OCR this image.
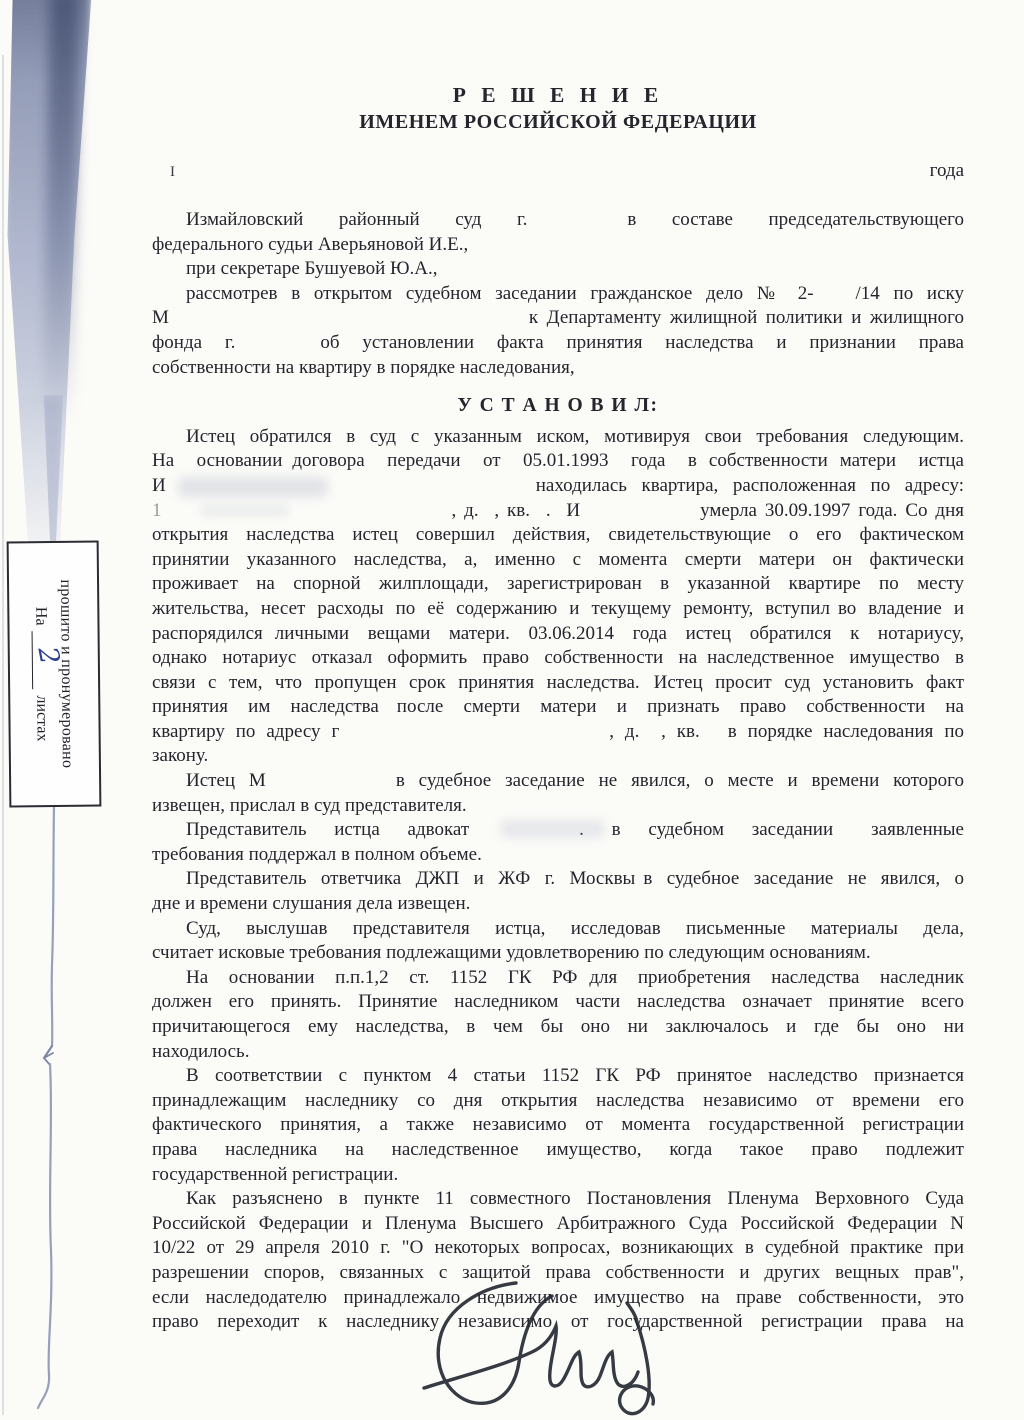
прошито и пронумеровано
На
2
листах
Р Е Ш Е Н И Е
ИМЕНЕМ РОССИЙСКОЙ ФЕДЕРАЦИИ
I	года
Измайловский районный суд г.	в составе председательствующего
федерального судьи Аверьяновой И.Е.,
при секретаре Бушуевой Ю.А.,
рассмотрев в открытом судебном заседании гражданское дело № 2- /14 по иску
М	к Департаменту жилищной политики и жилищного
фонда г.	об установлении факта принятия наследства и признании права
собственности на квартиру в порядке наследования,
У С Т А Н О В И Л:
Истец обратился в суд с указанным иском, мотивируя свои требования следующим.
На основании договора передачи от 05.01.1993 года в собственности матери истца
И	находилась квартира, расположенная по адресу:
1	, д.  , кв.  .  И	умерла 30.09.1997 года. Со дня
открытия наследства истец совершил действия, свидетельствующие о его фактическом
принятии указанного наследства, а, именно с момента смерти матери он фактически
проживает на спорной жилплощади, зарегистрирован в указанной квартире по месту
жительства, несет расходы по её содержанию и текущему ремонту, вступил во владение и
распорядился личными вещами матери. 03.06.2014 года истец обратился к нотариусу,
однако нотариус отказал оформить право собственности на наследственное имущество в
связи с тем, что пропущен срок принятия наследства. Истец просит суд установить факт
принятия им наследства после смерти матери и признать право собственности на
квартиру по адресу г	, д.  , кв. в порядке наследования по
закону.
Истец М	в судебное заседание не явился, о месте и времени которого
извещен, прислал в суд представителя.
Представитель истца адвокат	. в судебном заседании заявленные
требования поддержал в полном объеме.
Представитель ответчика ДЖП и ЖФ г. Москвы в судебное заседание не явился, о
дне и времени слушания дела извещен.
Суд, выслушав представителя истца, исследовав письменные материалы дела,
считает исковые требования подлежащими удовлетворению по следующим основаниям.
На основании п.п.1,2 ст. 1152 ГК РФ для приобретения наследства наследник
должен его принять. Принятие наследником части наследства означает принятие всего
причитающегося ему наследства, в чем бы оно ни заключалось и где бы оно ни
находилось.
В соответствии с пунктом 4 статьи 1152 ГК РФ принятое наследство признается
принадлежащим наследнику со дня открытия наследства независимо от времени его
фактического принятия, а также независимо от момента государственной регистрации
права наследника на наследственное имущество, когда такое право подлежит
государственной регистрации.
Как разъяснено в пункте 11 совместного Постановления Пленума Верховного Суда
Российской Федерации и Пленума Высшего Арбитражного Суда Российской Федерации N
10/22 от 29 апреля 2010 г. "О некоторых вопросах, возникающих в судебной практике при
разрешении споров, связанных с защитой права собственности и других вещных прав",
если наследодателю принадлежало недвижимое имущество на праве собственности, это
право переходит к наследнику независимо от государственной регистрации права на
